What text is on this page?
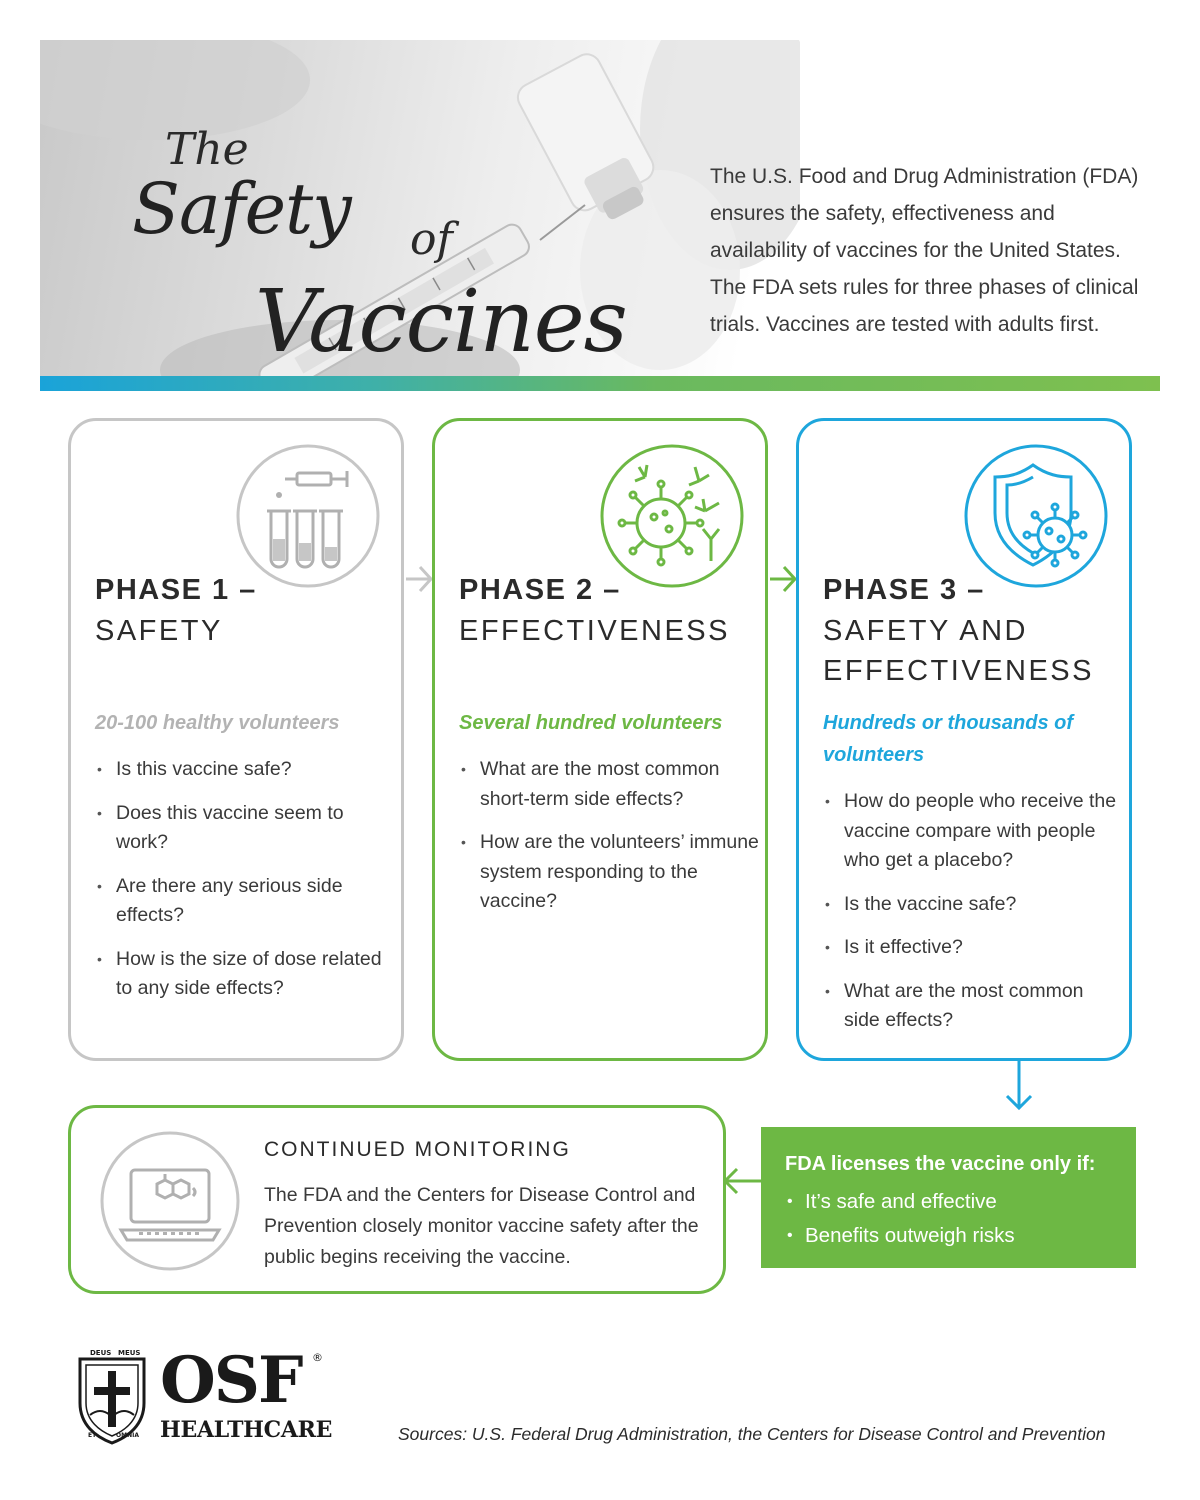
The
Safety of
Vaccines
The U.S. Food and Drug Administration (FDA) ensures the safety, effectiveness and availability of vaccines for the United States. The FDA sets rules for three phases of clinical trials. Vaccines are tested with adults first.
PHASE 1 –
SAFETY
20-100 healthy volunteers
• Is this vaccine safe?
• Does this vaccine seem to work?
• Are there any serious side effects?
• How is the size of dose related to any side effects?
PHASE 2 –
EFFECTIVENESS
Several hundred volunteers
• What are the most common short-term side effects?
• How are the volunteers’ immune system responding to the vaccine?
PHASE 3 –
SAFETY AND EFFECTIVENESS
Hundreds or thousands of volunteers
• How do people who receive the vaccine compare with people who get a placebo?
• Is the vaccine safe?
• Is it effective?
• What are the most common side effects?
CONTINUED MONITORING
The FDA and the Centers for Disease Control and Prevention closely monitor vaccine safety after the public begins receiving the vaccine.
FDA licenses the vaccine only if:
• It’s safe and effective
• Benefits outweigh risks
DEUS MEUS
ET	OMNIA
OSF ®
HEALTHCARE	Sources: U.S. Federal Drug Administration, the Centers for Disease Control and Prevention
